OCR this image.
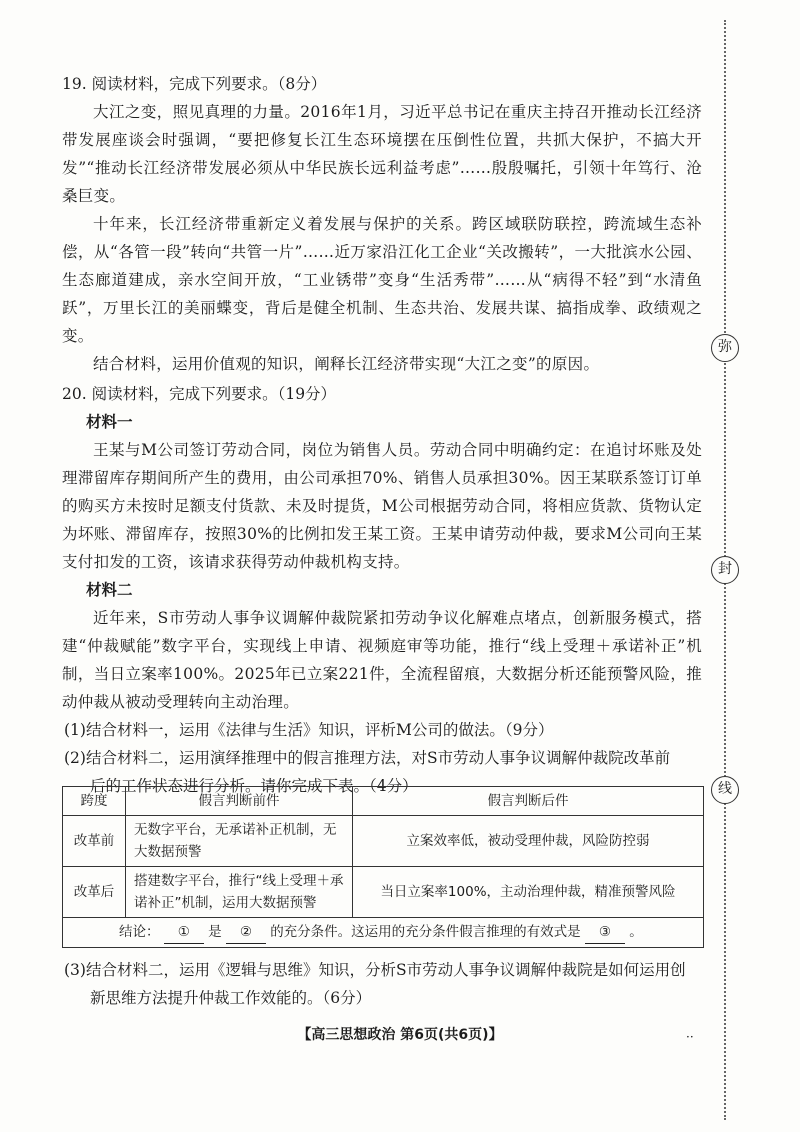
19. 阅读材料，完成下列要求。（8分）

大江之变，照见真理的力量。2016年1月，习近平总书记在重庆主持召开推动长江经济带发展座谈会时强调，“要把修复长江生态环境摆在压倒性位置，共抓大保护，不搞大开发”“推动长江经济带发展必须从中华民族长远利益考虑”……殷殷嘱托，引领十年笃行、沧桑巨变。

十年来，长江经济带重新定义着发展与保护的关系。跨区域联防联控，跨流域生态补偿，从“各管一段”转向“共管一片”……近万家沿江化工企业“关改搬转”，一大批滨水公园、生态廊道建成，亲水空间开放，“工业锈带”变身“生活秀带”……从“病得不轻”到“水清鱼跃”，万里长江的美丽蝶变，背后是健全机制、生态共治、发展共谋、搞指成拳、政绩观之变。

结合材料，运用价值观的知识，阐释长江经济带实现“大江之变”的原因。

20. 阅读材料，完成下列要求。（19分）

材料一

王某与M公司签订劳动合同，岗位为销售人员。劳动合同中明确约定：在追讨坏账及处理滞留库存期间所产生的费用，由公司承担70%、销售人员承担30%。因王某联系签订订单的购买方未按时足额支付货款、未及时提货，M公司根据劳动合同，将相应货款、货物认定为坏账、滞留库存，按照30%的比例扣发王某工资。王某申请劳动仲裁，要求M公司向王某支付扣发的工资，该请求获得劳动仲裁机构支持。

材料二

近年来，S市劳动人事争议调解仲裁院紧扣劳动争议化解难点堵点，创新服务模式，搭建“仲裁赋能”数字平台，实现线上申请、视频庭审等功能，推行“线上受理＋承诺补正”机制，当日立案率100%。2025年已立案221件，全流程留痕，大数据分析还能预警风险，推动仲裁从被动受理转向主动治理。

(1)结合材料一，运用《法律与生活》知识，评析M公司的做法。（9分）

(2)结合材料二，运用演绎推理中的假言推理方法，对S市劳动人事争议调解仲裁院改革前

后的工作状态进行分析。请你完成下表。（4分）

跨度	假言判断前件	假言判断后件
改革前	无数字平台，无承诺补正机制，无大数据预警	立案效率低，被动受理仲裁，风险防控弱
改革后	搭建数字平台，推行“线上受理＋承诺补正”机制，运用大数据预警	当日立案率100%，主动治理仲裁，精准预警风险
结论： ① 是 ② 的充分条件。这运用的充分条件假言推理的有效式是 ③ 。		

(3)结合材料二，运用《逻辑与思维》知识，分析S市劳动人事争议调解仲裁院是如何运用创

新思维方法提升仲裁工作效能的。（6分）

【高三思想政治 第6页(共6页)】	··
弥
封
线
